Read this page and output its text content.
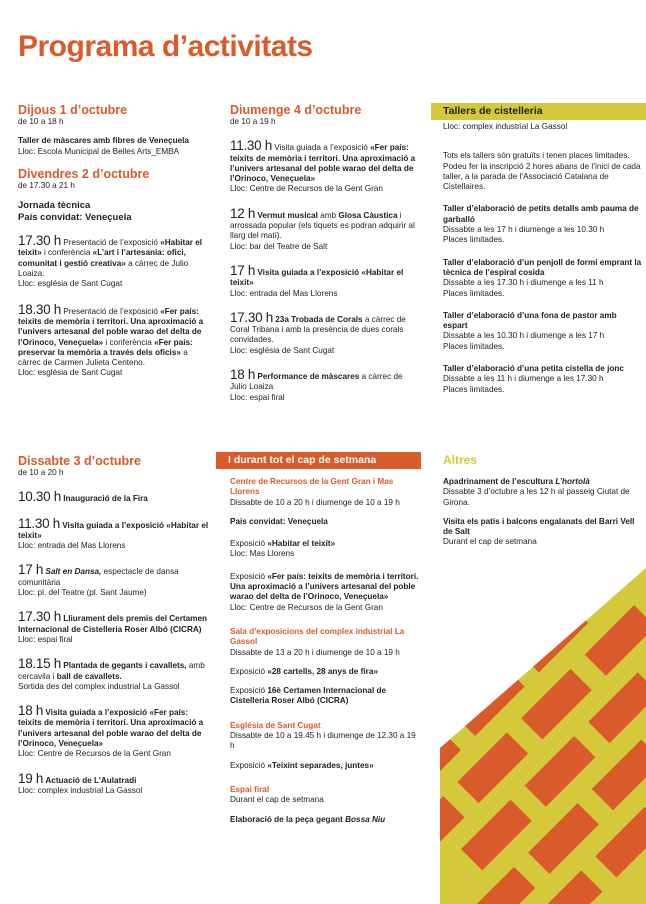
Programa d’activitats
Dijous 1 d’octubre
de 10 a 18 h
Taller de màscares amb fibres de Veneçuela
Lloc: Escola Municipal de Belles Arts_EMBA
Divendres 2 d’octubre
de 17.30 a 21 h
Jornada tècnica
País convidat: Veneçuela
17.30 h Presentació de l’exposició «Habitar el teixit» i conferència «L’art i l’artesania: ofici, comunitat i gestió creativa» a càrrec de Julio Loaiza.
Lloc: església de Sant Cugat
18.30 h Presentació de l’exposició «Fer país: teixits de memòria i territori. Una aproximació a l’univers artesanal del poble warao del delta de l’Orinoco, Veneçuela» i conferència «Fer país: preservar la memòria a través dels oficis» a càrrec de Carmen Julieta Centeno.
Lloc: església de Sant Cugat
Dissabte 3 d’octubre
de 10 a 20 h
10.30 h Inauguració de la Fira
11.30 h Visita guiada a l’exposició «Habitar el teixit»
Lloc: entrada del Mas Llorens
17 h Salt en Dansa, espectacle de dansa comunitària
Lloc: pl. del Teatre (pl. Sant Jaume)
17.30 h Lliurament dels premis del Certamen Internacional de Cistelleria Roser Albó (CICRA)
Lloc: espai firal
18.15 h Plantada de gegants i cavallets, amb cercavila i ball de cavallets.
Sortida des del complex industrial La Gassol
18 h Visita guiada a l’exposició «Fer país: teixits de memòria i territori. Una aproximació a l’univers artesanal del poble warao del delta de l’Orinoco, Veneçuela»
Lloc: Centre de Recursos de la Gent Gran
19 h Actuació de L’Aulatradi
Lloc: complex industrial La Gassol
Diumenge 4 d’octubre
de 10 a 19 h
11.30 h Visita guiada a l’exposició «Fer país: teixits de memòria i territori. Una aproximació a l’univers artesanal del poble warao del delta de l’Orinoco, Veneçuela»
Lloc: Centre de Recursos de la Gent Gran
12 h Vermut musical amb Glosa Càustica i arrossada popular (els tiquets es podran adquirir al llarg del matí).
Lloc: bar del Teatre de Salt
17 h Visita guiada a l’exposició «Habitar el teixit»
Lloc: entrada del Mas Llorens
17.30 h 23a Trobada de Corals a càrrec de Coral Tribana i amb la presència de dues corals convidades.
Lloc: església de Sant Cugat
18 h Performance de màscares a càrrec de Julio Loaiza
Lloc: espai firal
I durant tot el cap de setmana
Centre de Recursos de la Gent Gran i Mas Llorens
Dissabte de 10 a 20 h i diumenge de 10 a 19 h
País convidat: Veneçuela
Exposició «Habitar el teixit»
Lloc: Mas Llorens
Exposició «Fer país: teixits de memòria i territori. Una aproximació a l’univers artesanal del poble warao del delta de l’Orinoco, Veneçuela»
Lloc: Centre de Recursos de la Gent Gran
Sala d’exposicions del complex industrial La Gassol
Dissabte de 13 a 20 h i diumenge de 10 a 19 h
Exposició «28 cartells, 28 anys de fira»
Exposició 16è Certamen Internacional de Cistelleria Roser Albó (CICRA)
Església de Sant Cugat
Dissabte de 10 a 19.45 h i diumenge de 12.30 a 19 h
Exposició «Teixint separades, juntes»
Espai firal
Durant el cap de setmana
Elaboració de la peça gegant Bossa Niu
Tallers de cistelleria
Lloc: complex industrial La Gassol
Tots els tallers són gratuïts i tenen places limitades. Podeu fer la inscripció 2 hores abans de l’inici de cada taller, a la parada de l’Associació Catalana de Cistellaires.
Taller d’elaboració de petits detalls amb pauma de garballó
Dissabte a les 17 h i diumenge a les 10.30 h
Places limitades.
Taller d’elaboració d’un penjoll de formi emprant la tècnica de l’espiral cosida
Dissabte a les 17.30 h i diumenge a les 11 h
Places limitades.
Taller d’elaboració d’una fona de pastor amb espart
Dissabte a les 10.30 h i diumenge a les 17 h
Places limitades.
Taller d’elaboració d’una petita cistella de jonc
Dissabte a les 11 h i diumenge a les 17.30 h
Places limitades.
Altres
Apadrinament de l’escultura L’hortolà
Dissabte 3 d’octubre a les 12 h al passeig Ciutat de Girona.
Visita els patis i balcons engalanats del Barri Vell de Salt
Durant el cap de setmana
